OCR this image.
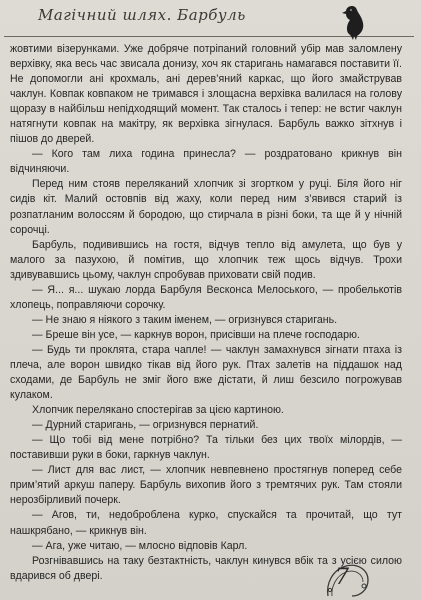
Магічний шлях. Барбуль

жовтими візерунками. Уже добряче потріпаний головний убір мав заломлену верхівку, яка весь час звисала донизу, хоч як старигань намагався поставити її. Не допомогли ані крохмаль, ані дерев’яний каркас, що його змайстрував чаклун. Ковпак ковпаком не тримався і злощасна верхівка валилася на голову щоразу в найбільш непідходящий момент. Так сталось і тепер: не встиг чаклун натягнути ковпак на макітру, як верхівка зігнулася. Барбуль важко зітхнув і пішов до дверей.

— Кого там лиха година принесла? — роздратовано крикнув він відчиняючи.

Перед ним стояв переляканий хлопчик зі згортком у руці. Біля його ніг сидів кіт. Малий остовпів від жаху, коли перед ним з’явився старий із розпатланим волоссям й бородою, що стирчала в різні боки, та ще й у нічній сорочці.

Барбуль, подивившись на гостя, відчув тепло від амулета, що був у малого за пазухою, й помітив, що хлопчик теж щось відчув. Трохи здивувавшись цьому, чаклун спробував приховати свій подив.

— Я... я... шукаю лорда Барбуля Весконса Мелоського, — пробелькотів хлопець, поправляючи сорочку.

— Не знаю я ніякого з таким іменем, — огризнувся старигань.

— Бреше він усе, — каркнув ворон, присівши на плече господарю.

— Будь ти проклята, стара чапле! — чаклун замахнувся зігнати птаха із плеча, але ворон швидко тікав від його рук. Птах залетів на піддашок над сходами, де Барбуль не зміг його вже дістати, й лиш безсило погрожував кулаком.

Хлопчик перелякано спостерігав за цією картиною.

— Дурний старигань, — огризнувся пернатий.

— Що тобі від мене потрібно? Та тільки без цих твоїх мілордів, — поставивши руки в боки, гаркнув чаклун.

— Лист для вас лист, — хлопчик невпевнено простягнув поперед себе прим’ятий аркуш паперу. Барбуль вихопив його з тремтячих рук. Там стояли нерозбірливий почерк.

— Агов, ти, недоброблена курко, спускайся та прочитай, що тут нашкрябано, — крикнув він.

— Ага, уже читаю, — млосно відповів Карл.

Розгнівавшись на таку безтактність, чаклун кинувся вбік та з усією силою вдарився об двері.	7
